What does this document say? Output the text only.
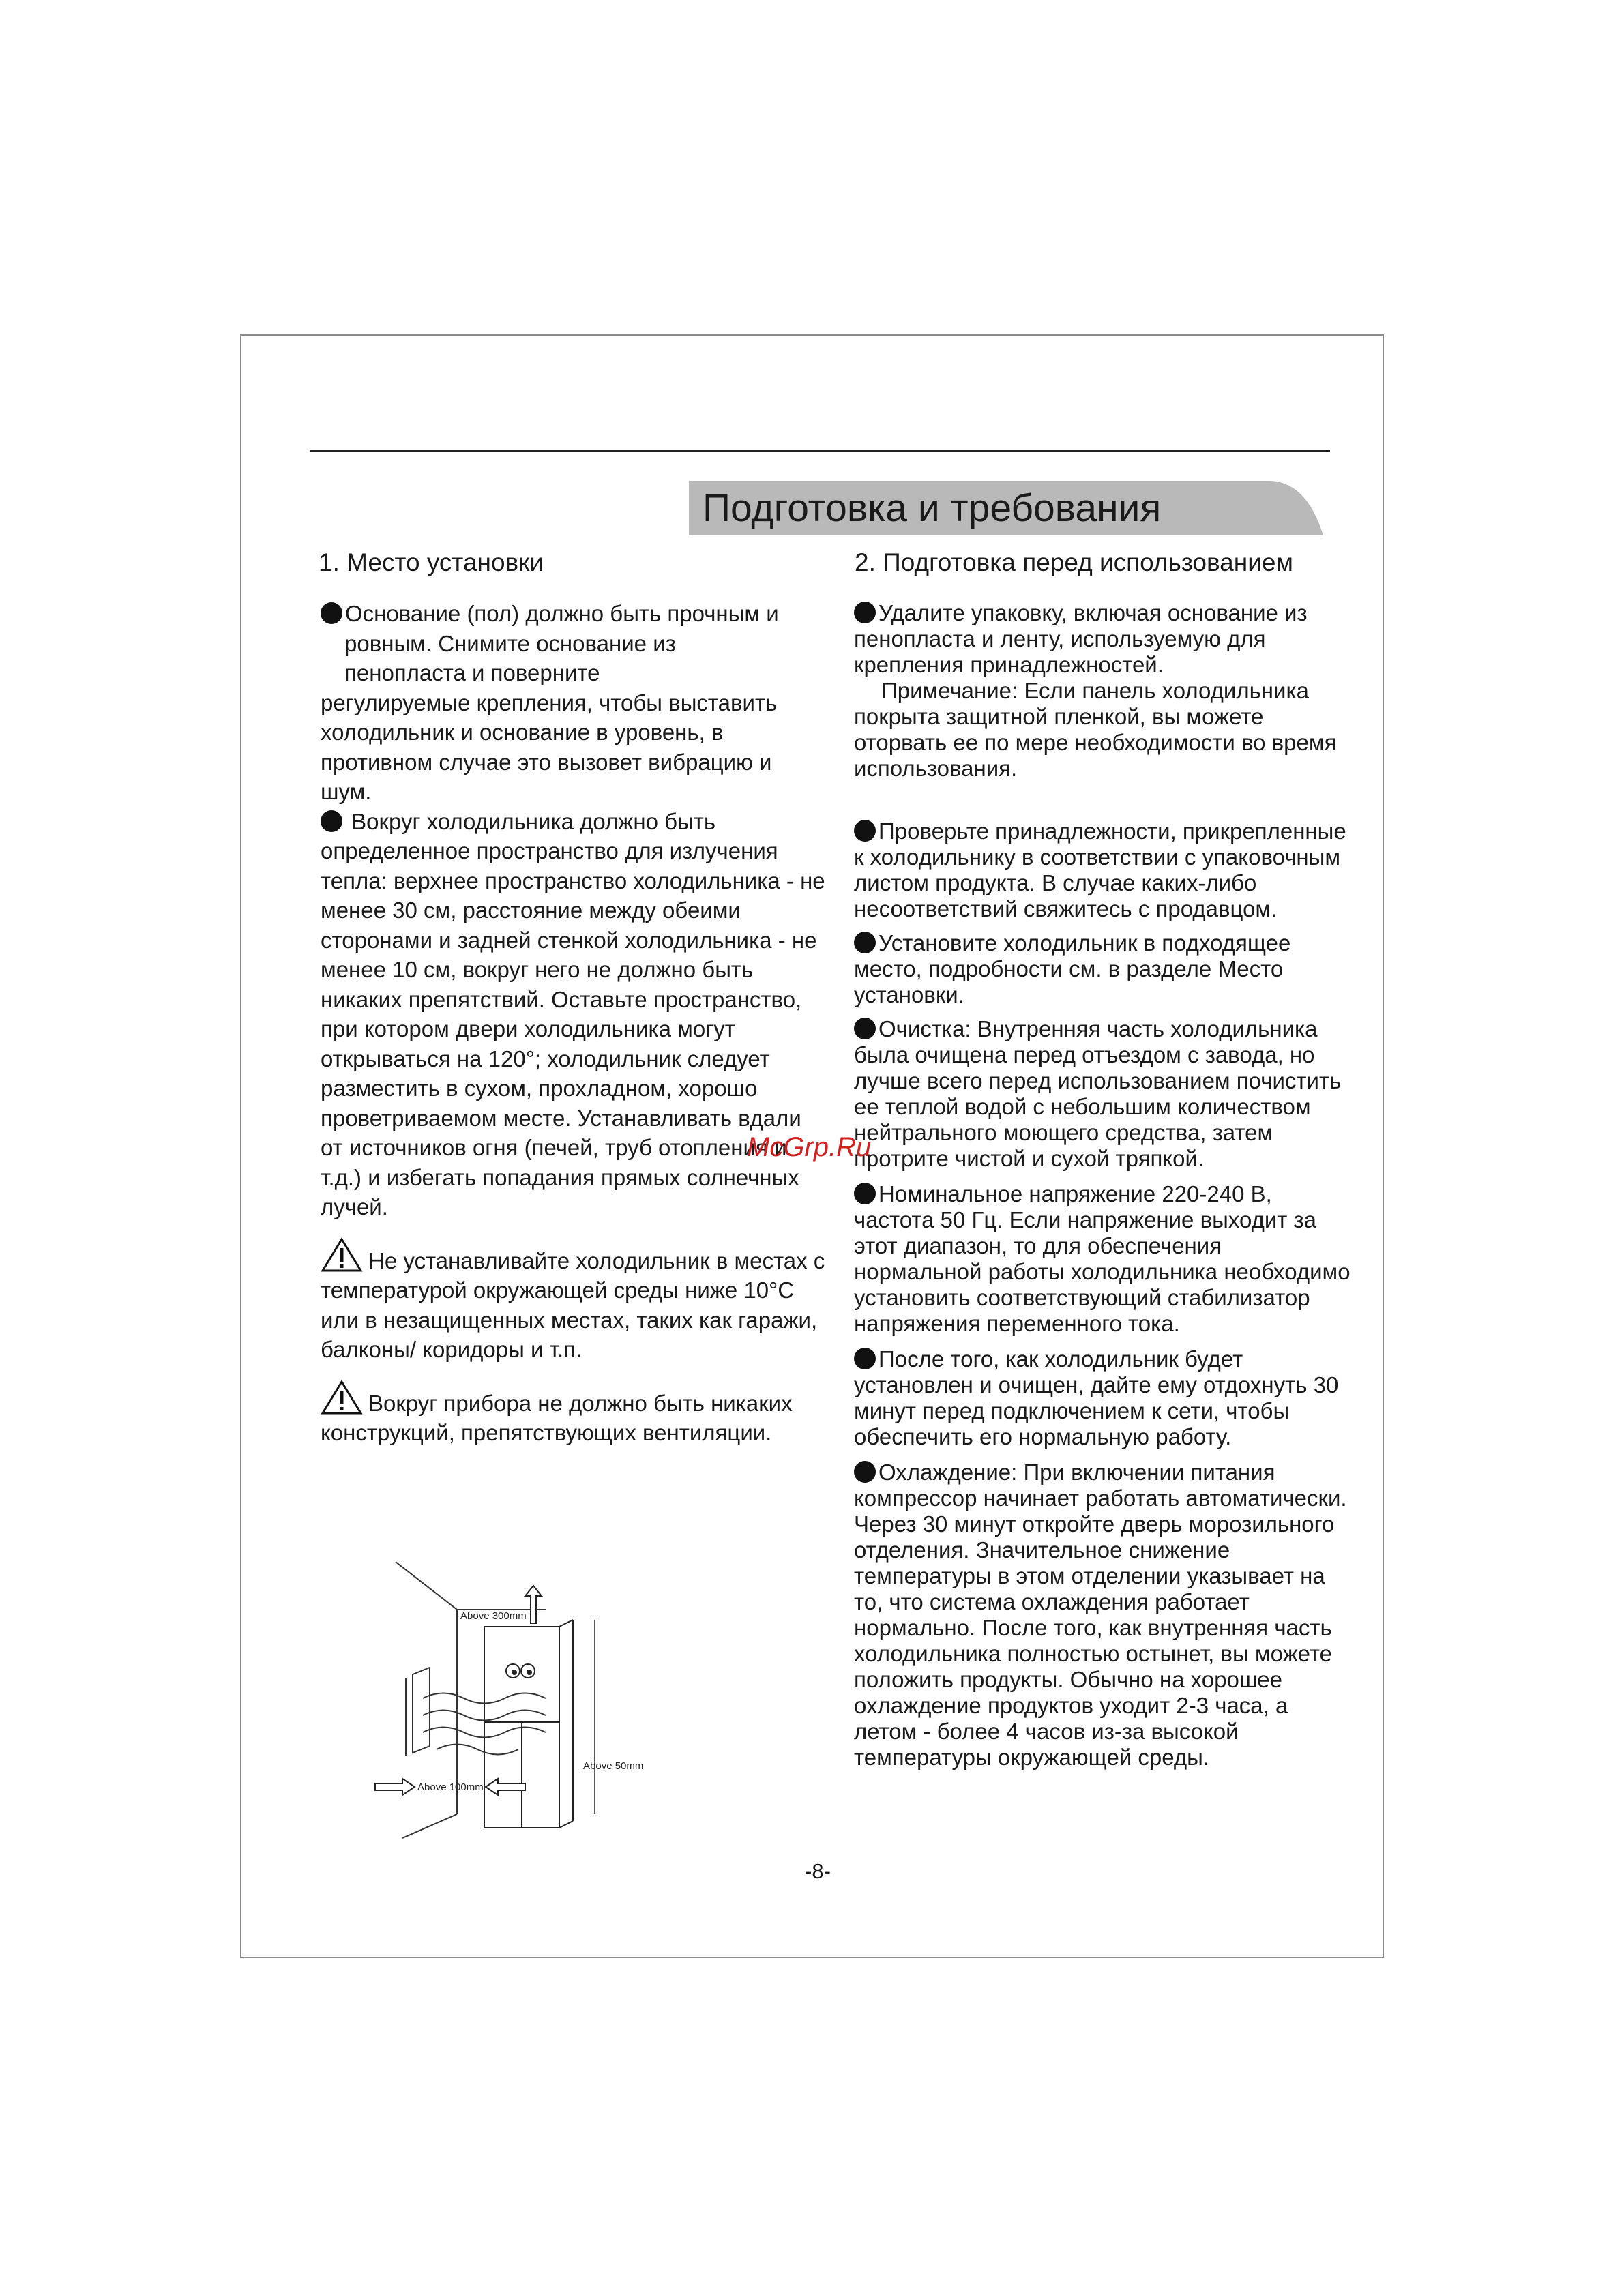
Подготовка и требования
1. Место установки

Основание (пол) должно быть прочным и
ровным. Снимите основание из
пенопласта и поверните
регулируемые крепления, чтобы выставить холодильник и основание в уровень, в противном случае это вызовет вибрацию и шум.

Вокруг холодильника должно быть определенное пространство для излучения тепла: верхнее пространство холодильника - не менее 30 см, расстояние между обеими сторонами и задней стенкой холодильника - не менее 10 см, вокруг него не должно быть никаких препятствий. Оставьте пространство, при котором двери холодильника могут открываться на 120°; холодильник следует разместить в сухом, прохладном, хорошо проветриваемом месте. Устанавливать вдали от источников огня (печей, труб отопления и т.д.) и избегать попадания прямых солнечных лучей.

Не устанавливайте холодильник в местах с температурой окружающей среды ниже 10°C или в незащищенных местах, таких как гаражи, балконы/ коридоры и т.п.

Вокруг прибора не должно быть никаких конструкций, препятствующих вентиляции.

Above 300mm
Above 50mm
Above 100mm
2. Подготовка перед использованием

Удалите упаковку, включая основание из пенопласта и ленту, используемую для крепления принадлежностей.

Примечание: Если панель холодильника покрыта защитной пленкой, вы можете оторвать ее по мере необходимости во время использования.

Проверьте принадлежности, прикрепленные к холодильнику в соответствии с упаковочным листом продукта. В случае каких-либо несоответствий свяжитесь с продавцом.

Установите холодильник в подходящее место, подробности см. в разделе Место установки.

Очистка: Внутренняя часть холодильника была очищена перед отъездом с завода, но лучше всего перед использованием почистить ее теплой водой с небольшим количеством нейтрального моющего средства, затем протрите чистой и сухой тряпкой.

Номинальное напряжение 220-240 В, частота 50 Гц. Если напряжение выходит за этот диапазон, то для обеспечения нормальной работы холодильника необходимо установить соответствующий стабилизатор напряжения переменного тока.

После того, как холодильник будет установлен и очищен, дайте ему отдохнуть 30 минут перед подключением к сети, чтобы обеспечить его нормальную работу.

Охлаждение: При включении питания компрессор начинает работать автоматически. Через 30 минут откройте дверь морозильного отделения. Значительное снижение температуры в этом отделении указывает на то, что система охлаждения работает нормально. После того, как внутренняя часть холодильника полностью остынет, вы можете положить продукты. Обычно на хорошее охлаждение продуктов уходит 2-3 часа, а летом - более 4 часов из-за высокой температуры окружающей среды.

McGrp.Ru
-8-
